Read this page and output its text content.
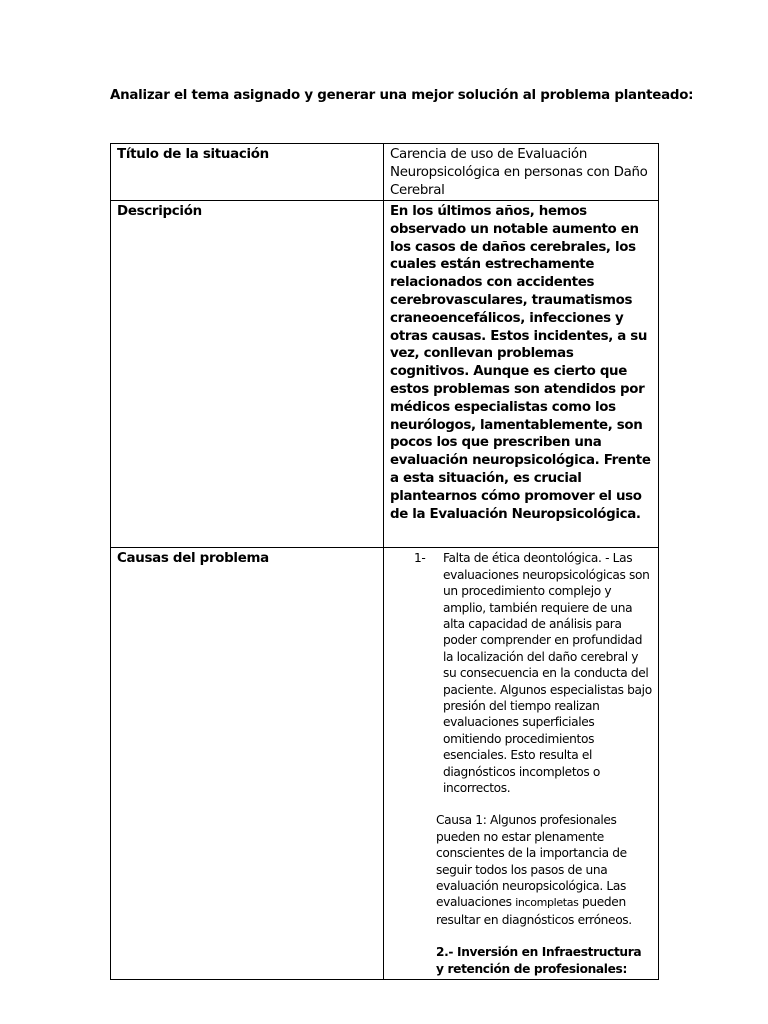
Analizar el tema asignado y generar una mejor solución al problema planteado:
Título de la situación	Carencia de uso de Evaluación Neuropsicológica en personas con Daño Cerebral
Descripción	En los últimos años, hemos observado un notable aumento en los casos de daños cerebrales, los cuales están estrechamente relacionados con accidentes cerebrovasculares, traumatismos craneoencefálicos, infecciones y otras causas. Estos incidentes, a su vez, conllevan problemas cognitivos. Aunque es cierto que estos problemas son atendidos por médicos especialistas como los neurólogos, lamentablemente, son pocos los que prescriben una evaluación neuropsicológica. Frente a esta situación, es crucial plantearnos cómo promover el uso de la Evaluación Neuropsicológica.
Causas del problema	1- Falta de ética deontológica. - Las evaluaciones neuropsicológicas son un procedimiento complejo y amplio, también requiere de una alta capacidad de análisis para poder comprender en profundidad la localización del daño cerebral y su consecuencia en la conducta del paciente. Algunos especialistas bajo presión del tiempo realizan evaluaciones superficiales omitiendo procedimientos esenciales. Esto resulta el diagnósticos incompletos o incorrectos.
Causa 1: Algunos profesionales pueden no estar plenamente conscientes de la importancia de seguir todos los pasos de una evaluación neuropsicológica. Las evaluaciones incompletas pueden resultar en diagnósticos erróneos.
2.- Inversión en Infraestructura y retención de profesionales:
